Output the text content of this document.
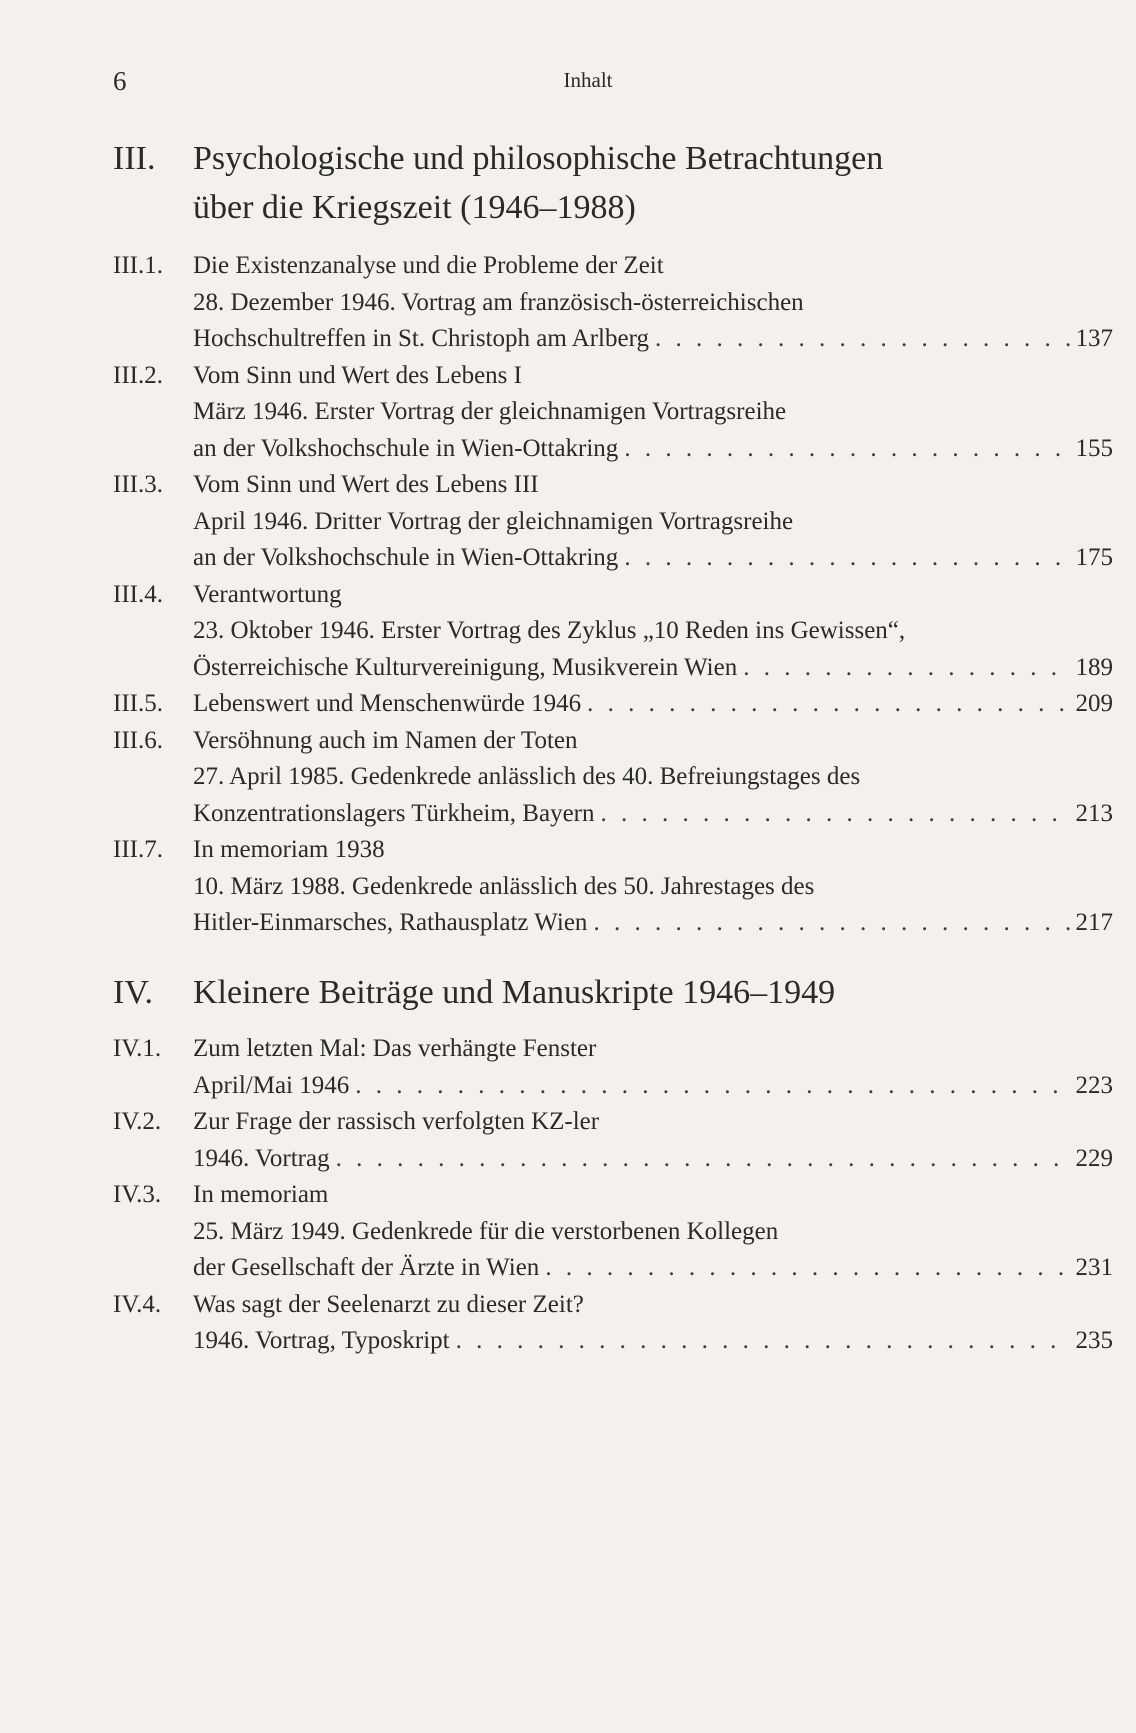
6	Inhalt
III.	Psychologische und philosophische Betrachtungen
über die Kriegszeit (1946–1988)
III.1.	Die Existenzanalyse und die Probleme der Zeit
28. Dezember 1946. Vortrag am französisch-österreichischen
Hochschultreffen in St. Christoph am Arlberg . . .	137
III.2.	Vom Sinn und Wert des Lebens I
März 1946. Erster Vortrag der gleichnamigen Vortragsreihe
an der Volkshochschule in Wien-Ottakring . . .	155
III.3.	Vom Sinn und Wert des Lebens III
April 1946. Dritter Vortrag der gleichnamigen Vortragsreihe
an der Volkshochschule in Wien-Ottakring . . .	175
III.4.	Verantwortung
23. Oktober 1946. Erster Vortrag des Zyklus „10 Reden ins Gewissen“,
Österreichische Kulturvereinigung, Musikverein Wien . . .	189
III.5.	Lebenswert und Menschenwürde 1946 . . .	209
III.6.	Versöhnung auch im Namen der Toten
27. April 1985. Gedenkrede anlässlich des 40. Befreiungstages des
Konzentrationslagers Türkheim, Bayern . . .	213
III.7.	In memoriam 1938
10. März 1988. Gedenkrede anlässlich des 50. Jahrestages des
Hitler-Einmarsches, Rathausplatz Wien . . .	217
IV.	Kleinere Beiträge und Manuskripte 1946–1949
IV.1.	Zum letzten Mal: Das verhängte Fenster
April/Mai 1946 . . .	223
IV.2.	Zur Frage der rassisch verfolgten KZ-ler
1946. Vortrag . . .	229
IV.3.	In memoriam
25. März 1949. Gedenkrede für die verstorbenen Kollegen
der Gesellschaft der Ärzte in Wien . . .	231
IV.4.	Was sagt der Seelenarzt zu dieser Zeit?
1946. Vortrag, Typoskript . . .	235
